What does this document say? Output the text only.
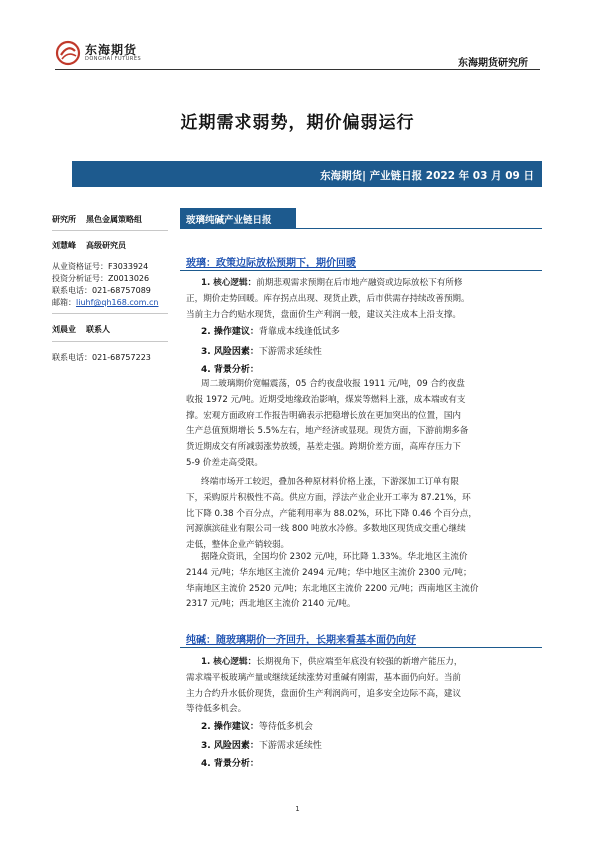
东海期货
DONGHAI FUTURES	东海期货研究所
近期需求弱势，期价偏弱运行
东海期货| 产业链日报 2022 年 03 月 09 日
研究所 黑色金属策略组
刘慧峰 高级研究员
从业资格证号：F3033924
投资分析证号：Z0013026
联系电话：021-68757089
邮箱：liuhf@qh168.com.cn
刘晨业 联系人
联系电话：021-68757223
玻璃纯碱产业链日报
玻璃：政策边际放松预期下，期价回暖
1. 核心逻辑：前期悲观需求预期在后市地产融资或边际放松下有所修
正，期价走势回暖。库存拐点出现、现货止跌，后市供需存持续改善预期。
当前主力合约贴水现货，盘面价生产利润一般，建议关注成本上沿支撑。
2. 操作建议：背靠成本线逢低试多
3. 风险因素：下游需求延续性
4. 背景分析：
周二玻璃期价宽幅震荡，05 合约夜盘收报 1911 元/吨，09 合约夜盘
收报 1972 元/吨。近期受地缘政治影响，煤炭等燃料上涨，成本端或有支
撑。宏观方面政府工作报告明确表示把稳增长放在更加突出的位置，国内
生产总值预期增长 5.5%左右，地产经济或显现。现货方面，下游前期多备
货近期成交有所减弱涨势放缓，基差走强。跨期价差方面，高库存压力下
5-9 价差走高受限。
终端市场开工较迟，叠加各种原材料价格上涨，下游深加工订单有限
下，采购原片积极性不高。供应方面，浮法产业企业开工率为 87.21%，环
比下降 0.38 个百分点，产能利用率为 88.02%，环比下降 0.46 个百分点，
河源旗滨硅业有限公司一线 800 吨放水冷修。多数地区现货成交重心继续
走低，整体企业产销较弱。
据隆众资讯，全国均价 2302 元/吨，环比降 1.33%。华北地区主流价
2144 元/吨；华东地区主流价 2494 元/吨；华中地区主流价 2300 元/吨；
华南地区主流价 2520 元/吨；东北地区主流价 2200 元/吨；西南地区主流价
2317 元/吨；西北地区主流价 2140 元/吨。
纯碱：随玻璃期价一齐回升，长期来看基本面仍向好
1. 核心逻辑：长期视角下，供应端至年底没有较强的新增产能压力，
需求端平板玻璃产量或继续延续涨势对重碱有刚需，基本面仍向好。当前
主力合约升水低价现货，盘面价生产利润尚可，追多安全边际不高，建议
等待低多机会。
2. 操作建议：等待低多机会
3. 风险因素：下游需求延续性
4. 背景分析：
1
